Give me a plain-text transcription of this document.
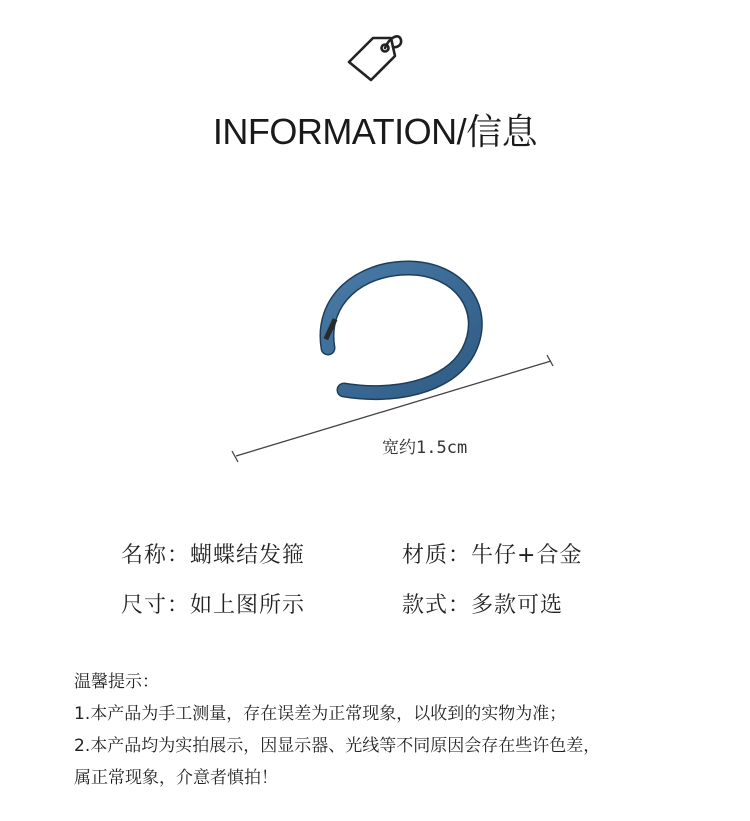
INFORMATION/信息
宽约1.5cm
名称：蝴蝶结发箍	材质：牛仔+合金
尺寸：如上图所示	款式：多款可选
温馨提示：
1.本产品为手工测量，存在误差为正常现象，以收到的实物为准；
2.本产品均为实拍展示，因显示器、光线等不同原因会存在些许色差，
属正常现象，介意者慎拍！
